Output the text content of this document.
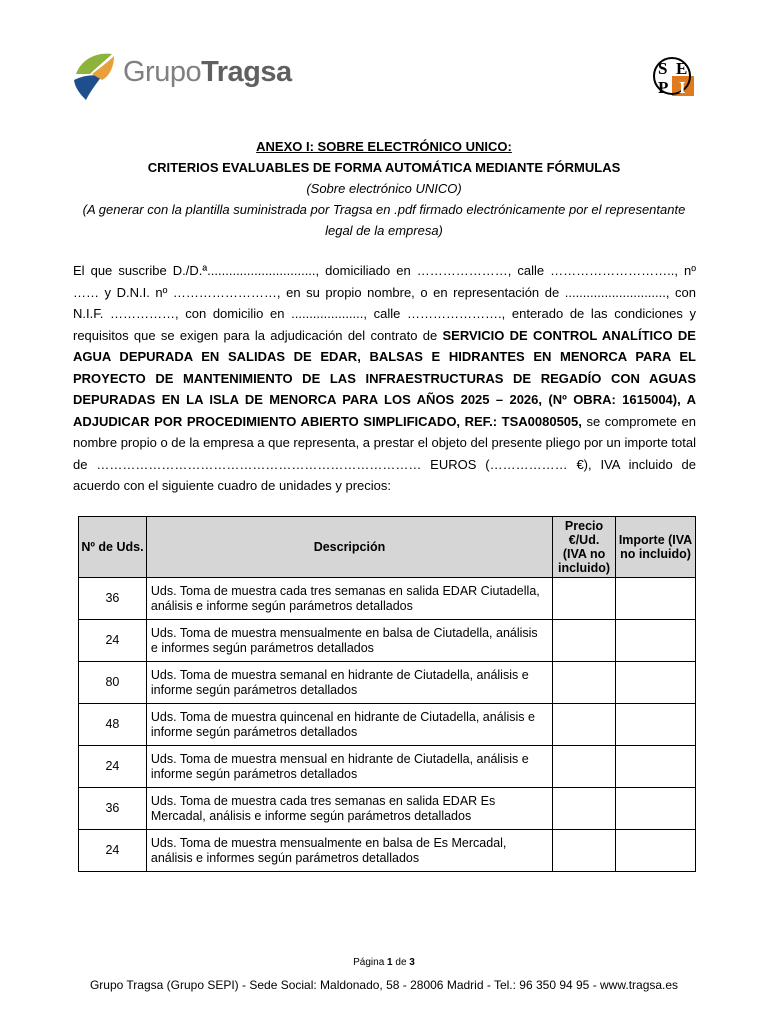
GrupoTragsa	S E
P I
ANEXO I: SOBRE ELECTRÓNICO UNICO:
CRITERIOS EVALUABLES DE FORMA AUTOMÁTICA MEDIANTE FÓRMULAS
(Sobre electrónico UNICO)
(A generar con la plantilla suministrada por Tragsa en .pdf firmado electrónicamente por el representante legal de la empresa)
El que suscribe D./D.ª.............................., domiciliado en …………………, calle ……………………….., nº …… y D.N.I. nº ……………………, en su propio nombre, o en representación de ............................, con N.I.F. ……………, con domicilio en ...................., calle …………………., enterado de las condiciones y requisitos que se exigen para la adjudicación del contrato de SERVICIO DE CONTROL ANALÍTICO DE AGUA DEPURADA EN SALIDAS DE EDAR, BALSAS E HIDRANTES EN MENORCA PARA EL PROYECTO DE MANTENIMIENTO DE LAS INFRAESTRUCTURAS DE REGADÍO CON AGUAS DEPURADAS EN LA ISLA DE MENORCA PARA LOS AÑOS 2025 – 2026, (Nº OBRA: 1615004), A ADJUDICAR POR PROCEDIMIENTO ABIERTO SIMPLIFICADO, REF.: TSA0080505, se compromete en nombre propio o de la empresa a que representa, a prestar el objeto del presente pliego por un importe total de ………………………………………………………………… EUROS (……………… €), IVA incluido de acuerdo con el siguiente cuadro de unidades y precios:
Nº de Uds.	Descripción	Precio €/Ud. (IVA no incluido)	Importe (IVA no incluido)
36	Uds. Toma de muestra cada tres semanas en salida EDAR Ciutadella, análisis e informe según parámetros detallados		
24	Uds. Toma de muestra mensualmente en balsa de Ciutadella, análisis e informes según parámetros detallados		
80	Uds. Toma de muestra semanal en hidrante de Ciutadella, análisis e informe según parámetros detallados		
48	Uds. Toma de muestra quincenal en hidrante de Ciutadella, análisis e informe según parámetros detallados		
24	Uds. Toma de muestra mensual en hidrante de Ciutadella, análisis e informe según parámetros detallados		
36	Uds. Toma de muestra cada tres semanas en salida EDAR Es Mercadal, análisis e informe según parámetros detallados		
24	Uds. Toma de muestra mensualmente en balsa de Es Mercadal, análisis e informes según parámetros detallados		
Página 1 de 3
Grupo Tragsa (Grupo SEPI) - Sede Social: Maldonado, 58 - 28006 Madrid - Tel.: 96 350 94 95 - www.tragsa.es
